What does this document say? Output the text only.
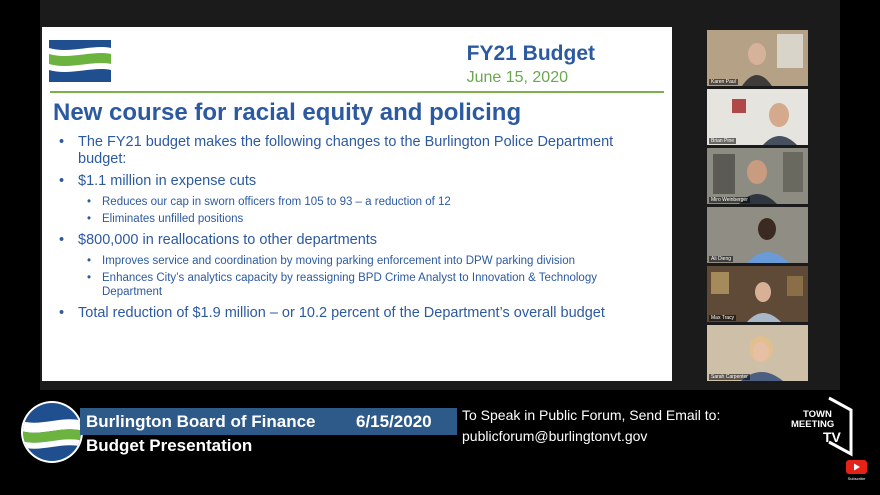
FY21 Budget
June 15, 2020
New course for racial equity and policing
• The FY21 budget makes the following changes to the Burlington Police Department budget:
• $1.1 million in expense cuts
• Reduces our cap in sworn officers from 105 to 93 – a reduction of 12
• Eliminates unfilled positions
• $800,000 in reallocations to other departments
• Improves service and coordination by moving parking enforcement into DPW parking division
• Enhances City’s analytics capacity by reassigning BPD Crime Analyst to Innovation & Technology Department
• Total reduction of $1.9 million – or 10.2 percent of the Department’s overall budget
Karen Paul
Brian Pine
Miro Weinberger
Ali Dieng
Max Tracy
Sarah Carpenter
Burlington Board of Finance 6/15/2020
Budget Presentation
To Speak in Public Forum, Send Email to:
publicforum@burlingtonvt.gov
TOWN
MEETING
TV
Subscribe
